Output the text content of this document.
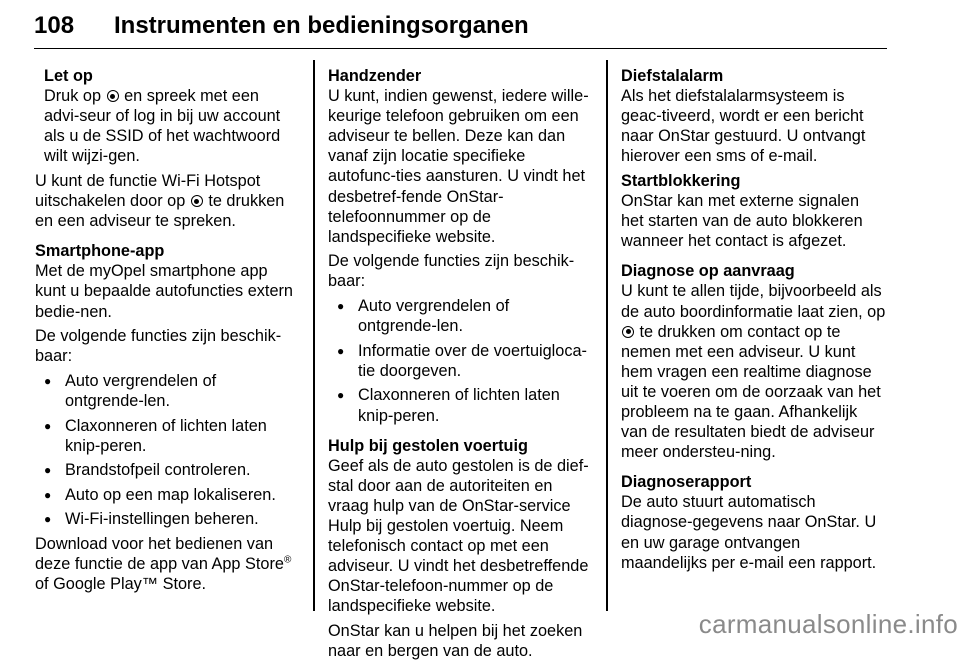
108 Instrumenten en bedieningsorganen

Let op

Druk op en spreek met een advi-seur of log in bij uw account als u de SSID of het wachtwoord wilt wijzi-gen.

U kunt de functie Wi-Fi Hotspot uitschakelen door op te drukken en een adviseur te spreken.

Smartphone-app

Met de myOpel smartphone app kunt u bepaalde autofuncties extern bedie-nen.

De volgende functies zijn beschik-baar:

● Auto vergrendelen of ontgrende-len.
● Claxonneren of lichten laten knip-peren.
● Brandstofpeil controleren.
● Auto op een map lokaliseren.
● Wi-Fi-instellingen beheren.

Download voor het bedienen van deze functie de app van App Store® of Google Play™ Store.

Handzender

U kunt, indien gewenst, iedere wille-keurige telefoon gebruiken om een adviseur te bellen. Deze kan dan vanaf zijn locatie specifieke autofunc-ties aansturen. U vindt het desbetref-fende OnStar-telefoonnummer op de landspecifieke website.

De volgende functies zijn beschik-baar:

● Auto vergrendelen of ontgrende-len.
● Informatie over de voertuigloca-tie doorgeven.
● Claxonneren of lichten laten knip-peren.

Hulp bij gestolen voertuig

Geef als de auto gestolen is de dief-stal door aan de autoriteiten en vraag hulp van de OnStar-service Hulp bij gestolen voertuig. Neem telefonisch contact op met een adviseur. U vindt het desbetreffende OnStar-telefoon-nummer op de landspecifieke website.

OnStar kan u helpen bij het zoeken naar en bergen van de auto.

Diefstalalarm

Als het diefstalalarmsysteem is geac-tiveerd, wordt er een bericht naar OnStar gestuurd. U ontvangt hierover een sms of e-mail.

Startblokkering

OnStar kan met externe signalen het starten van de auto blokkeren wanneer het contact is afgezet.

Diagnose op aanvraag

U kunt te allen tijde, bijvoorbeeld als de auto boordinformatie laat zien, op  te drukken om contact op te nemen met een adviseur. U kunt hem vragen een realtime diagnose uit te voeren om de oorzaak van het probleem na te gaan. Afhankelijk van de resultaten biedt de adviseur meer ondersteu-ning.

Diagnoserapport

De auto stuurt automatisch diagnose-gegevens naar OnStar. U en uw garage ontvangen maandelijks per e-mail een rapport.

carmanualsonline.info
